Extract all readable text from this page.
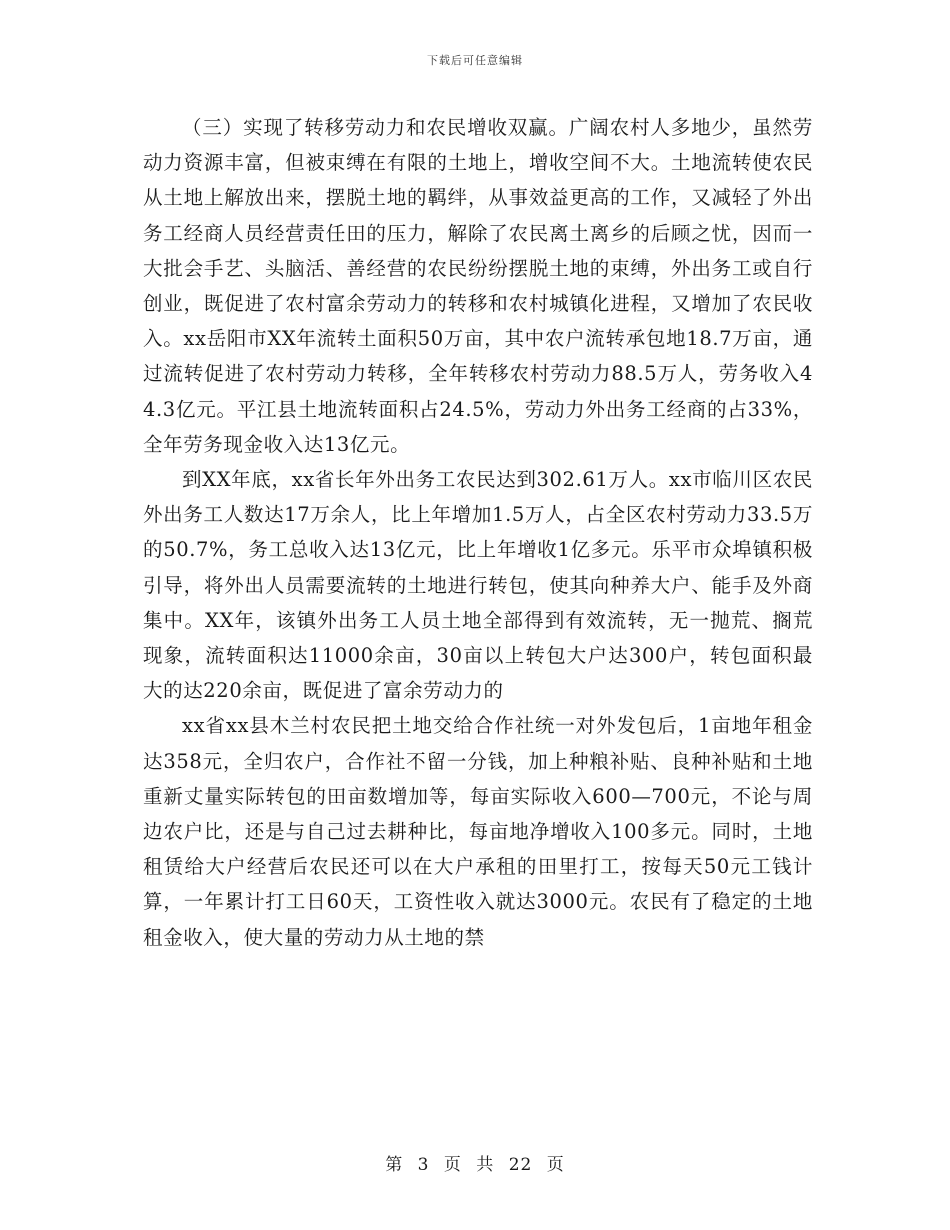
下载后可任意编辑

（三）实现了转移劳动力和农民增收双赢。广阔农村人多地少，虽然劳动力资源丰富，但被束缚在有限的土地上，增收空间不大。土地流转使农民从土地上解放出来，摆脱土地的羁绊，从事效益更高的工作，又减轻了外出务工经商人员经营责任田的压力，解除了农民离土离乡的后顾之忧，因而一大批会手艺、头脑活、善经营的农民纷纷摆脱土地的束缚，外出务工或自行创业，既促进了农村富余劳动力的转移和农村城镇化进程，又增加了农民收入。xx岳阳市XX年流转土面积50万亩，其中农户流转承包地18.7万亩，通过流转促进了农村劳动力转移，全年转移农村劳动力88.5万人，劳务收入44.3亿元。平江县土地流转面积占24.5%，劳动力外出务工经商的占33%，全年劳务现金收入达13亿元。

到XX年底，xx省长年外出务工农民达到302.61万人。xx市临川区农民外出务工人数达17万余人，比上年增加1.5万人，占全区农村劳动力33.5万的50.7%，务工总收入达13亿元，比上年增收1亿多元。乐平市众埠镇积极引导，将外出人员需要流转的土地进行转包，使其向种养大户、能手及外商集中。XX年，该镇外出务工人员土地全部得到有效流转，无一抛荒、搁荒现象，流转面积达11000余亩，30亩以上转包大户达300户，转包面积最大的达220余亩，既促进了富余劳动力的

xx省xx县木兰村农民把土地交给合作社统一对外发包后，1亩地年租金达358元，全归农户，合作社不留一分钱，加上种粮补贴、良种补贴和土地重新丈量实际转包的田亩数增加等，每亩实际收入600—700元，不论与周边农户比，还是与自己过去耕种比，每亩地净增收入100多元。同时，土地租赁给大户经营后农民还可以在大户承租的田里打工，按每天50元工钱计算，一年累计打工日60天，工资性收入就达3000元。农民有了稳定的土地租金收入，使大量的劳动力从土地的禁

第 3 页 共 22 页
